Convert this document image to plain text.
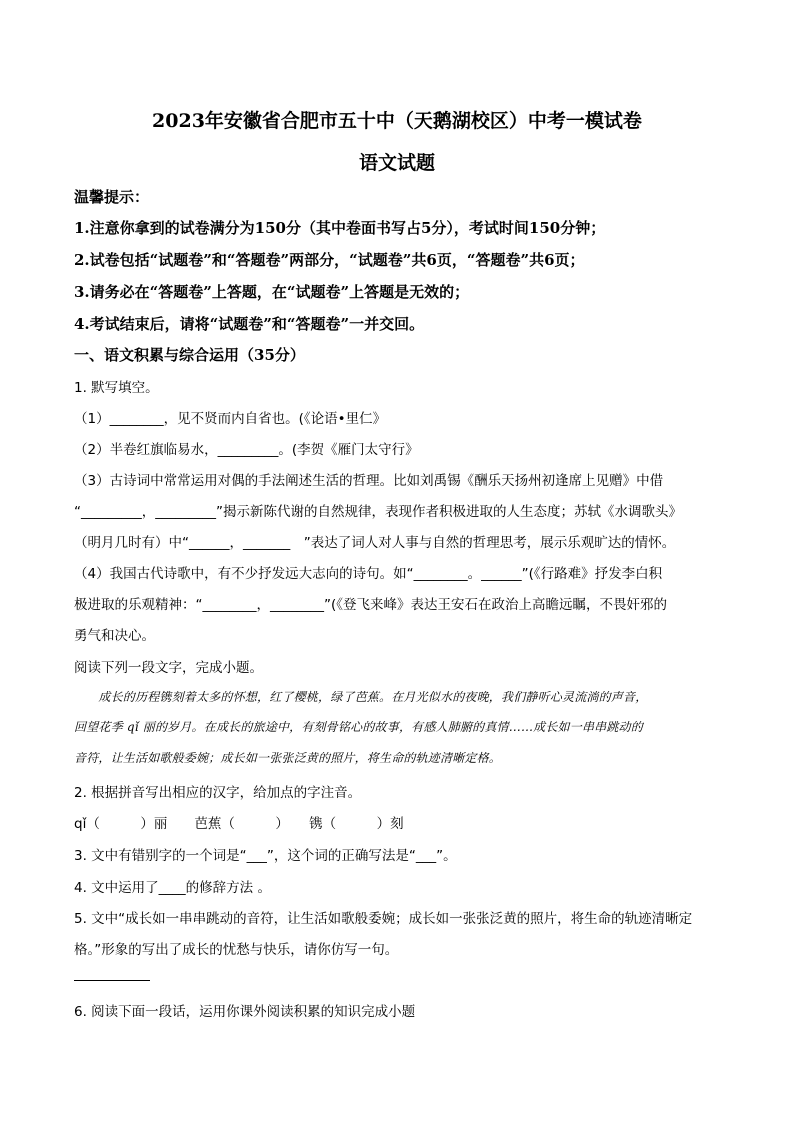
2023年安徽省合肥市五十中（天鹅湖校区）中考一模试卷
语文试题
温馨提示：
1.注意你拿到的试卷满分为150分（其中卷面书写占5分），考试时间150分钟；
2.试卷包括“试题卷”和“答题卷”两部分，“试题卷”共6页，“答题卷”共6页；
3.请务必在“答题卷”上答题，在“试题卷”上答题是无效的；
4.考试结束后，请将“试题卷”和“答题卷”一并交回。
一、语文积累与综合运用（35分）
1. 默写填空。
（1）________，见不贤而内自省也。(《论语•里仁》
（2）半卷红旗临易水，_________。(李贺《雁门太守行》
（3）古诗词中常常运用对偶的手法阐述生活的哲理。比如刘禹锡《酬乐天扬州初逢席上见赠》中借
“_________，_________”揭示新陈代谢的自然规律，表现作者积极进取的人生态度；苏轼《水调歌头》
（明月几时有）中“______，_______　”表达了词人对人事与自然的哲理思考，展示乐观旷达的情怀。
（4）我国古代诗歌中，有不少抒发远大志向的诗句。如“________。______”(《行路难》抒发李白积
极进取的乐观精神：“________，________”(《登飞来峰》表达王安石在政治上高瞻远瞩，不畏奸邪的
勇气和决心。
阅读下列一段文字，完成小题。
　　成长的历程镌刻着太多的怀想，红了樱桃，绿了芭蕉。在月光似水的夜晚，我们静听心灵流淌的声音，
回望花季 qǐ 丽的岁月。在成长的旅途中，有刻骨铭心的故事，有感人肺腑的真情……成长如一串串跳动的
音符，让生活如歌般委婉；成长如一张张泛黄的照片，将生命的轨迹清晰定格。
2. 根据拼音写出相应的汉字，给加点的字注音。
qǐ（　　　）丽　　芭蕉（　　　）　　镌（　　　）刻
3. 文中有错别字的一个词是“___”，这个词的正确写法是“___”。
4. 文中运用了____的修辞方法 。
5. 文中“成长如一串串跳动的音符，让生活如歌般委婉；成长如一张张泛黄的照片，将生命的轨迹清晰定
格。”形象的写出了成长的忧愁与快乐，请你仿写一句。
6. 阅读下面一段话，运用你课外阅读积累的知识完成小题
